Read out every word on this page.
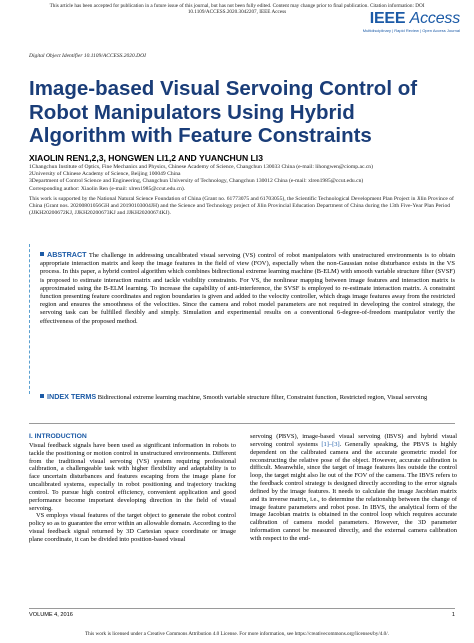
This article has been accepted for publication in a future issue of this journal, but has not been fully edited. Content may change prior to final publication. Citation information: DOI
10.1109/ACCESS.2020.3042207, IEEE Access	IEEE Access
Multidisciplinary | Rapid Review | Open Access Journal
Digital Object Identifier 10.1109/ACCESS.2020.DOI
Image-based Visual Servoing Control of Robot Manipulators Using Hybrid Algorithm with Feature Constraints
XIAOLIN REN1,2,3, HONGWEN LI1,2 AND YUANCHUN LI3
1Changchun Institute of Optics, Fine Mechanics and Physics, Chinese Academy of Science, Changchun 130033 China (e-mail: lihongwen@ciomp.ac.cn)
2University of Chinese Academy of Science, Beijing 100049 China
3Department of Control Science and Engineering, Changchun University of Technology, Changchun 130012 China (e-mail: xlren1985@ccut.edu.cn)
Corresponding author: Xiaolin Ren (e-mail: xlren1985@ccut.edu.cn).
This work is supported by the National Natural Science Foundation of China (Grant no. 61773075 and 61703055), the Scientific Technological Development Plan Project in Jilin Province of China (Grant nos. 20200801056GH and 20190103004JH) and the Science and Technology project of Jilin Provincial Education Department of China during the 13th Five-Year Plan Period (JJKH20200672KJ, JJKH20200673KJ and JJKH20200674KJ).
ABSTRACT The challenge in addressing uncalibrated visual servoing (VS) control of robot manipulators with unstructured environments is to obtain appropriate interaction matrix and keep the image features in the field of view (FOV), especially when the non-Gaussian noise disturbance exists in the VS process. In this paper, a hybrid control algorithm which combines bidirectional extreme learning machine (B-ELM) with smooth variable structure filter (SVSF) is proposed to estimate interaction matrix and tackle visibility constraints. For VS, the nonlinear mapping between image features and interaction matrix is approximated using the B-ELM learning. To increase the capability of anti-interference, the SVSF is employed to re-estimate interaction matrix. A constraint function presenting feature coordinates and region boundaries is given and added to the velocity controller, which drags image features away from the restricted region and ensures the smoothness of the velocities. Since the camera and robot model parameters are not required in developing the control strategy, the servoing task can be fulfilled flexibly and simply. Simulation and experimental results on a conventional 6-degree-of-freedom manipulator verify the effectiveness of the proposed method.
INDEX TERMS Bidirectional extreme learning machine, Smooth variable structure filter, Constraint function, Restricted region, Visual servoing
I. INTRODUCTION

Visual feedback signals have been used as significant information in robots to tackle the positioning or motion control in unstructured environments. Different from the traditional visual servoing (VS) system requiring professional calibration, a challengeable task with higher flexibility and adaptability is to face uncertain disturbances and features escaping from the image plane for uncalibrated systems, especially in robot positioning and trajectory tracking control. To pursue high control efficiency, convenient application and good performance become important developing direction in the field of visual servoing.

VS employs visual features of the target object to generate the robot control policy so as to guarantee the error within an allowable domain. According to the visual feedback signal returned by 3D Cartesian space coordinate or image plane coordinate, it can be divided into position-based visual

servoing (PBVS), image-based visual servoing (IBVS) and hybrid visual servoing control systems [1]–[3]. Generally speaking, the PBVS is highly dependent on the calibrated camera and the accurate geometric model for reconstructing the relative pose of the object. However, accurate calibration is difficult. Meanwhile, since the target of image features lies outside the control loop, the target might also lie out of the FOV of the camera. The IBVS refers to the feedback control strategy is designed directly according to the error signals defined by the image features. It needs to calculate the image Jacobian matrix and its inverse matrix, i.e., to determine the relationship between the change of image feature parameters and robot pose. In IBVS, the analytical form of the image Jacobian matrix is obtained in the control loop which requires accurate calibration of camera model parameters. However, the 3D parameter information cannot be measured directly, and the external camera calibration with respect to the end-

VOLUME 4, 2016	1
This work is licensed under a Creative Commons Attribution 4.0 License. For more information, see https://creativecommons.org/licenses/by/4.0/.
